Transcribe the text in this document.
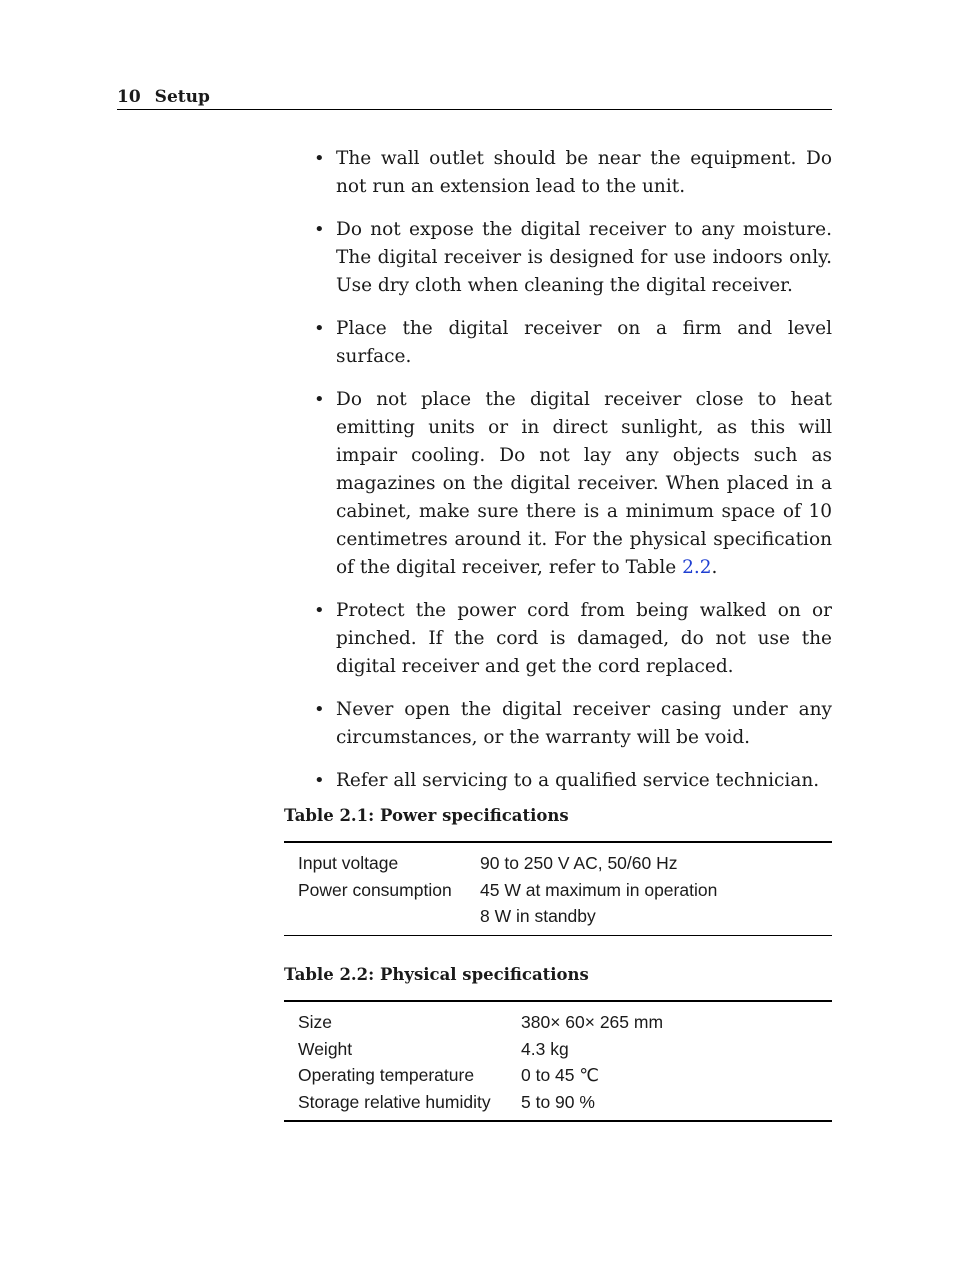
10 Setup
• The wall outlet should be near the equipment. Do not run an extension lead to the unit.
• Do not expose the digital receiver to any moisture. The digital receiver is designed for use indoors only. Use dry cloth when cleaning the digital receiver.
• Place the digital receiver on a firm and level surface.
• Do not place the digital receiver close to heat emitting units or in direct sunlight, as this will impair cooling. Do not lay any objects such as magazines on the digital receiver. When placed in a cabinet, make sure there is a minimum space of 10 centimetres around it. For the physical specification of the digital receiver, refer to Table 2.2.
• Protect the power cord from being walked on or pinched. If the cord is damaged, do not use the digital receiver and get the cord replaced.
• Never open the digital receiver casing under any circumstances, or the warranty will be void.
• Refer all servicing to a qualified service technician.
Table 2.1: Power specifications
Input voltage	90 to 250 V AC, 50/60 Hz
Power consumption	45 W at maximum in operation
8 W in standby
Table 2.2: Physical specifications
Size	380× 60× 265 mm
Weight	4.3 kg
Operating temperature	0 to 45 ℃
Storage relative humidity	5 to 90 %
